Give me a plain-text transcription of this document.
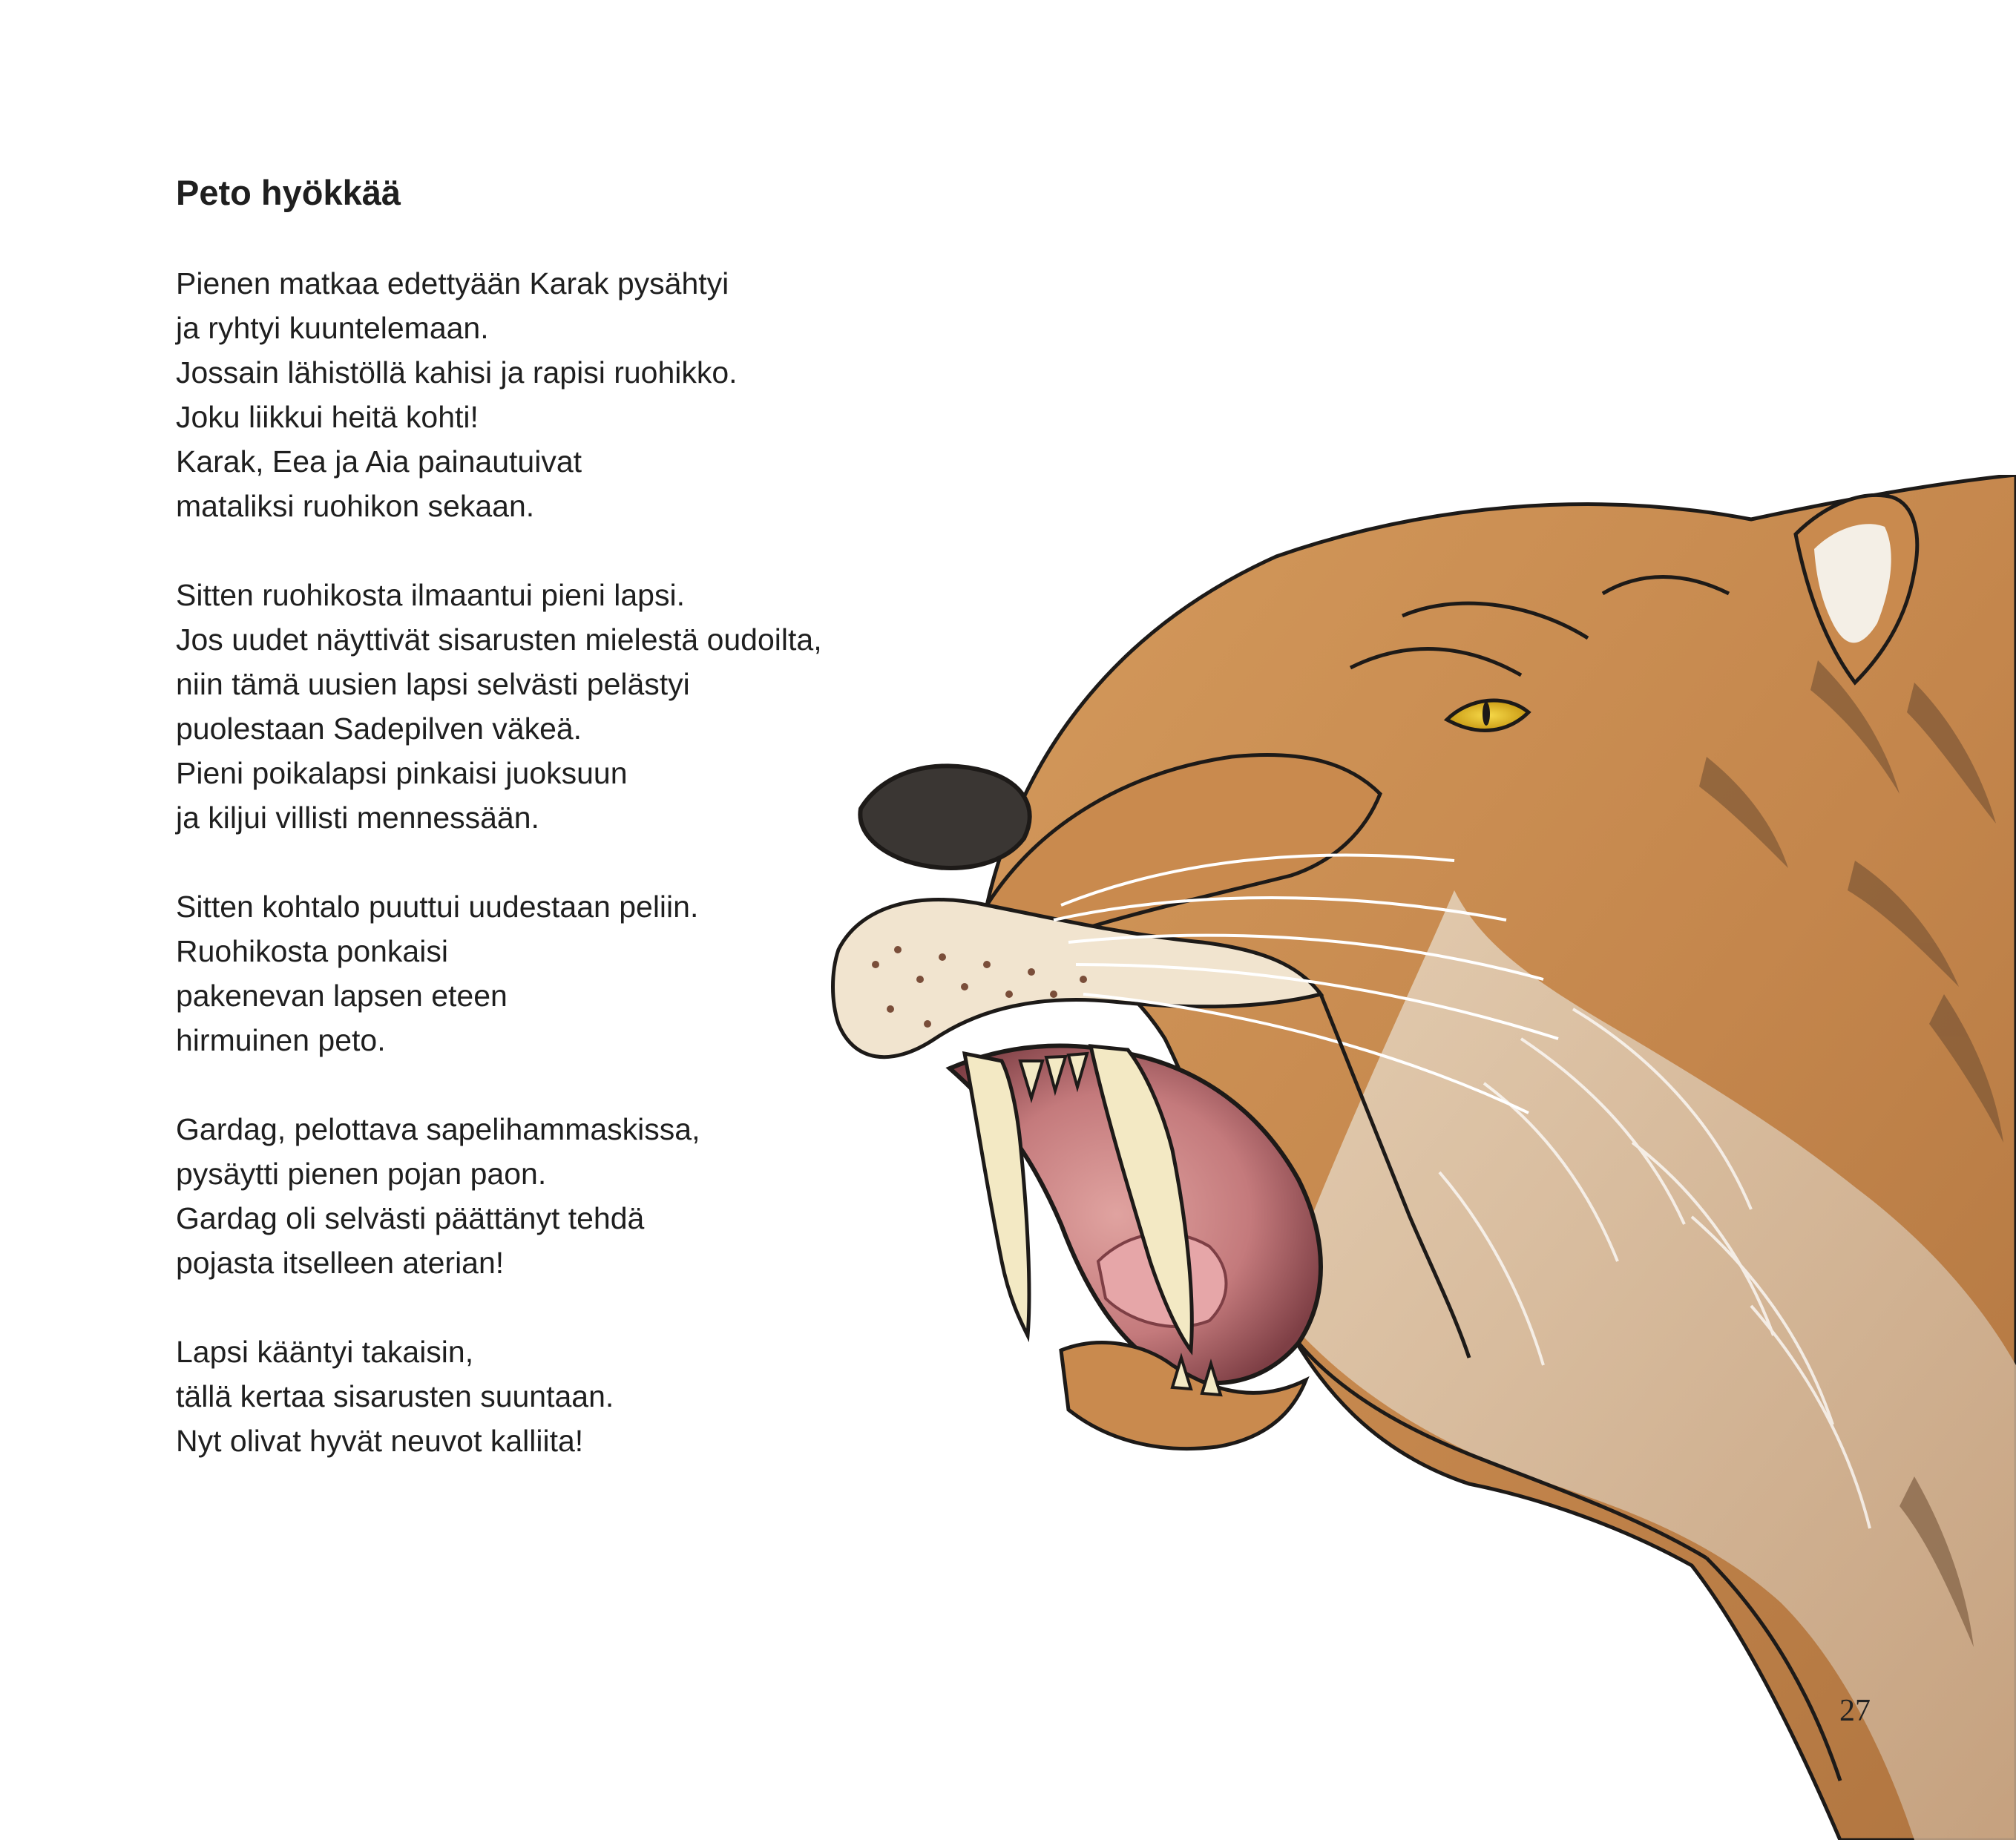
Peto hyökkää

Pienen matkaa edettyään Karak pysähtyi
ja ryhtyi kuuntelemaan.
Jossain lähistöllä kahisi ja rapisi ruohikko.
Joku liikkui heitä kohti!
Karak, Eea ja Aia painautuivat
mataliksi ruohikon sekaan.

Sitten ruohikosta ilmaantui pieni lapsi.
Jos uudet näyttivät sisarusten mielestä oudoilta,
niin tämä uusien lapsi selvästi pelästyi
puolestaan Sadepilven väkeä.
Pieni poikalapsi pinkaisi juoksuun
ja kiljui villisti mennessään.

Sitten kohtalo puuttui uudestaan peliin.
Ruohikosta ponkaisi
pakenevan lapsen eteen
hirmuinen peto.

Gardag, pelottava sapelihammaskissa,
pysäytti pienen pojan paon.
Gardag oli selvästi päättänyt tehdä
pojasta itselleen aterian!

Lapsi kääntyi takaisin,
tällä kertaa sisarusten suuntaan.
Nyt olivat hyvät neuvot kalliita!

27
